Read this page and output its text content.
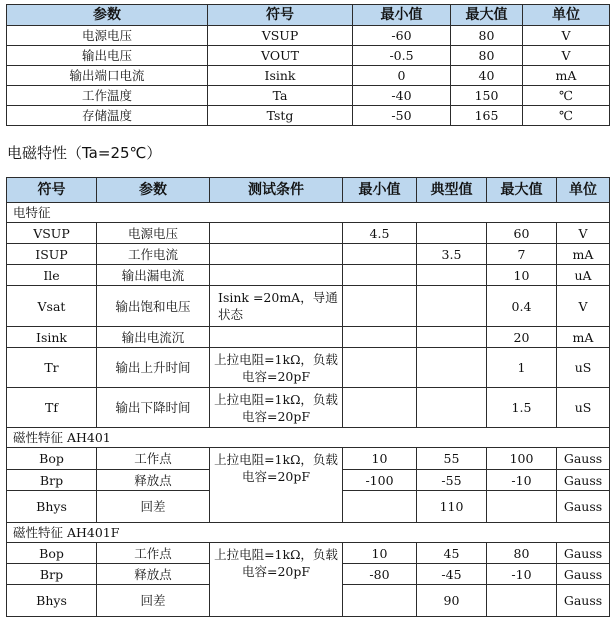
参数	符号	最小值	最大值	单位
电源电压	VSUP	-60	80	V
输出电压	VOUT	-0.5	80	V
输出端口电流	Isink	0	40	mA
工作温度	Ta	-40	150	℃
存储温度	Tstg	-50	165	℃
电磁特性（Ta=25℃）
符号	参数	测试条件	最小值	典型值	最大值	单位
电特征						
VSUP	电源电压		4.5		60	V
ISUP	工作电流			3.5	7	mA
Ile	输出漏电流				10	uA
Vsat	输出饱和电压	Isink =20mA，导通状态			0.4	V
Isink	输出电流沉				20	mA
Tr	输出上升时间	上拉电阻=1kΩ，负载电容=20pF			1	uS
Tf	输出下降时间	上拉电阻=1kΩ，负载电容=20pF			1.5	uS
磁性特征 AH401						
Bop	工作点	上拉电阻=1kΩ，负载电容=20pF	10	55	100	Gauss
Brp	释放点		-100	-55	-10	Gauss
Bhys	回差			110		Gauss
磁性特征 AH401F						
Bop	工作点	上拉电阻=1kΩ，负载电容=20pF	10	45	80	Gauss
Brp	释放点		-80	-45	-10	Gauss
Bhys	回差			90		Gauss
